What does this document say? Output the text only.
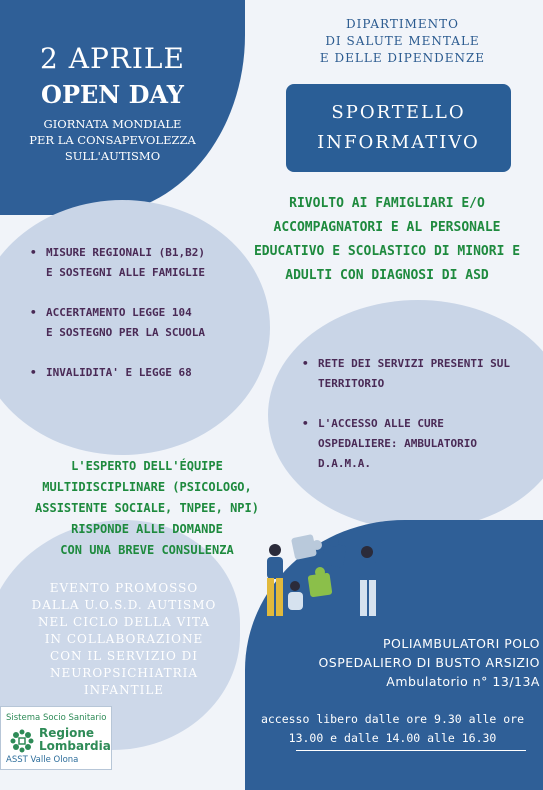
2 APRILE
OPEN DAY
GIORNATA MONDIALE
PER LA CONSAPEVOLEZZA
SULL'AUTISMO
DIPARTIMENTO
DI SALUTE MENTALE
E DELLE DIPENDENZE
SPORTELLO
INFORMATIVO
RIVOLTO AI FAMIGLIARI E/O
ACCOMPAGNATORI E AL PERSONALE
EDUCATIVO E SCOLASTICO DI MINORI E
ADULTI CON DIAGNOSI DI ASD
• MISURE REGIONALI (B1,B2)
E SOSTEGNI ALLE FAMIGLIE
• ACCERTAMENTO LEGGE 104
E SOSTEGNO PER LA SCUOLA
• INVALIDITA' E LEGGE 68
• RETE DEI SERVIZI PRESENTI SUL
TERRITORIO
• L'ACCESSO ALLE CURE
OSPEDALIERE: AMBULATORIO
D.A.M.A.
L'ESPERTO DELL'ÉQUIPE
MULTIDISCIPLINARE (PSICOLOGO,
ASSISTENTE SOCIALE, TNPEE, NPI)
RISPONDE ALLE DOMANDE
CON UNA BREVE CONSULENZA
EVENTO PROMOSSO
DALLA U.O.S.D. AUTISMO
NEL CICLO DELLA VITA
IN COLLABORAZIONE
CON IL SERVIZIO DI
NEUROPSICHIATRIA INFANTILE
POLIAMBULATORI POLO
OSPEDALIERO DI BUSTO ARSIZIO
Ambulatorio n° 13/13A
accesso libero dalle ore 9.30 alle ore
13.00 e dalle 14.00 alle 16.30
Sistema Socio Sanitario
Regione
Lombardia
ASST Valle Olona
